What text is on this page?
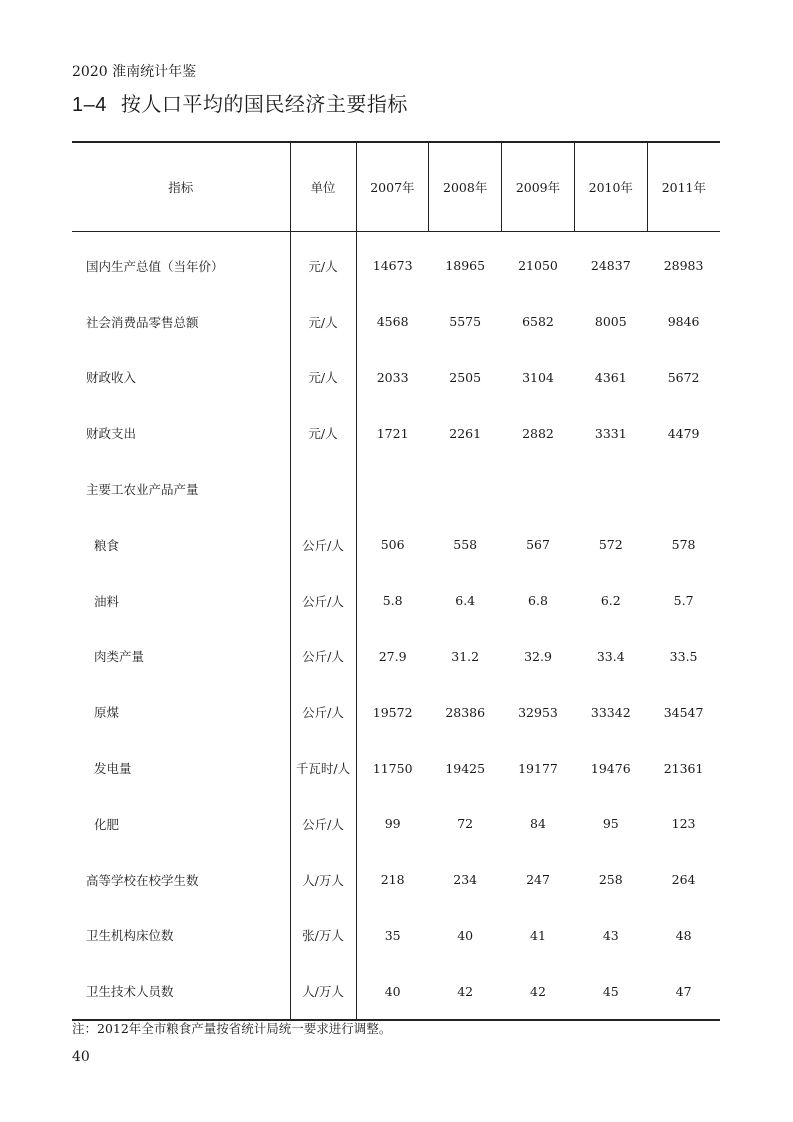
2020 淮南统计年鉴
1–4 按人口平均的国民经济主要指标
指标	单位	2007年	2008年	2009年	2010年	2011年
国内生产总值（当年价）	元/人	14673	18965	21050	24837	28983
社会消费品零售总额	元/人	4568	5575	6582	8005	9846
财政收入	元/人	2033	2505	3104	4361	5672
财政支出	元/人	1721	2261	2882	3331	4479
主要工农业产品产量						
粮食	公斤/人	506	558	567	572	578
油料	公斤/人	5.8	6.4	6.8	6.2	5.7
肉类产量	公斤/人	27.9	31.2	32.9	33.4	33.5
原煤	公斤/人	19572	28386	32953	33342	34547
发电量	千瓦时/人	11750	19425	19177	19476	21361
化肥	公斤/人	99	72	84	95	123
高等学校在校学生数	人/万人	218	234	247	258	264
卫生机构床位数	张/万人	35	40	41	43	48
卫生技术人员数	人/万人	40	42	42	45	47
注：2012年全市粮食产量按省统计局统一要求进行调整。
40
